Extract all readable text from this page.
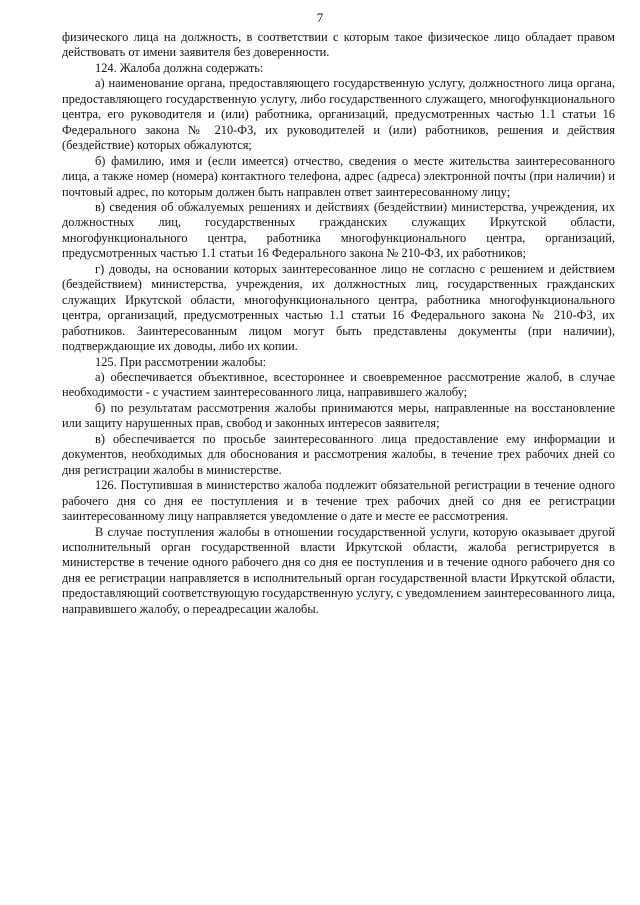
7

физического лица на должность, в соответствии с которым такое физическое лицо обладает правом действовать от имени заявителя без доверенности.

124. Жалоба должна содержать:

а) наименование органа, предоставляющего государственную услугу, должностного лица органа, предоставляющего государственную услугу, либо государственного служащего, многофункционального центра, его руководителя и (или) работника, организаций, предусмотренных частью 1.1 статьи 16 Федерального закона № 210-ФЗ, их руководителей и (или) работников, решения и действия (бездействие) которых обжалуются;

б) фамилию, имя и (если имеется) отчество, сведения о месте жительства заинтересованного лица, а также номер (номера) контактного телефона, адрес (адреса) электронной почты (при наличии) и почтовый адрес, по которым должен быть направлен ответ заинтересованному лицу;

в) сведения об обжалуемых решениях и действиях (бездействии) министерства, учреждения, их должностных лиц, государственных гражданских служащих Иркутской области, многофункционального центра, работника многофункционального центра, организаций, предусмотренных частью 1.1 статьи 16 Федерального закона № 210-ФЗ, их работников;

г) доводы, на основании которых заинтересованное лицо не согласно с решением и действием (бездействием) министерства, учреждения, их должностных лиц, государственных гражданских служащих Иркутской области, многофункционального центра, работника многофункционального центра, организаций, предусмотренных частью 1.1 статьи 16 Федерального закона № 210-ФЗ, их работников. Заинтересованным лицом могут быть представлены документы (при наличии), подтверждающие их доводы, либо их копии.

125. При рассмотрении жалобы:

а) обеспечивается объективное, всестороннее и своевременное рассмотрение жалоб, в случае необходимости - с участием заинтересованного лица, направившего жалобу;

б) по результатам рассмотрения жалобы принимаются меры, направленные на восстановление или защиту нарушенных прав, свобод и законных интересов заявителя;

в) обеспечивается по просьбе заинтересованного лица предоставление ему информации и документов, необходимых для обоснования и рассмотрения жалобы, в течение трех рабочих дней со дня регистрации жалобы в министерстве.

126. Поступившая в министерство жалоба подлежит обязательной регистрации в течение одного рабочего дня со дня ее поступления и в течение трех рабочих дней со дня ее регистрации заинтересованному лицу направляется уведомление о дате и месте ее рассмотрения.

В случае поступления жалобы в отношении государственной услуги, которую оказывает другой исполнительный орган государственной власти Иркутской области, жалоба регистрируется в министерстве в течение одного рабочего дня со дня ее поступления и в течение одного рабочего дня со дня ее регистрации направляется в исполнительный орган государственной власти Иркутской области, предоставляющий соответствующую государственную услугу, с уведомлением заинтересованного лица, направившего жалобу, о переадресации жалобы.
